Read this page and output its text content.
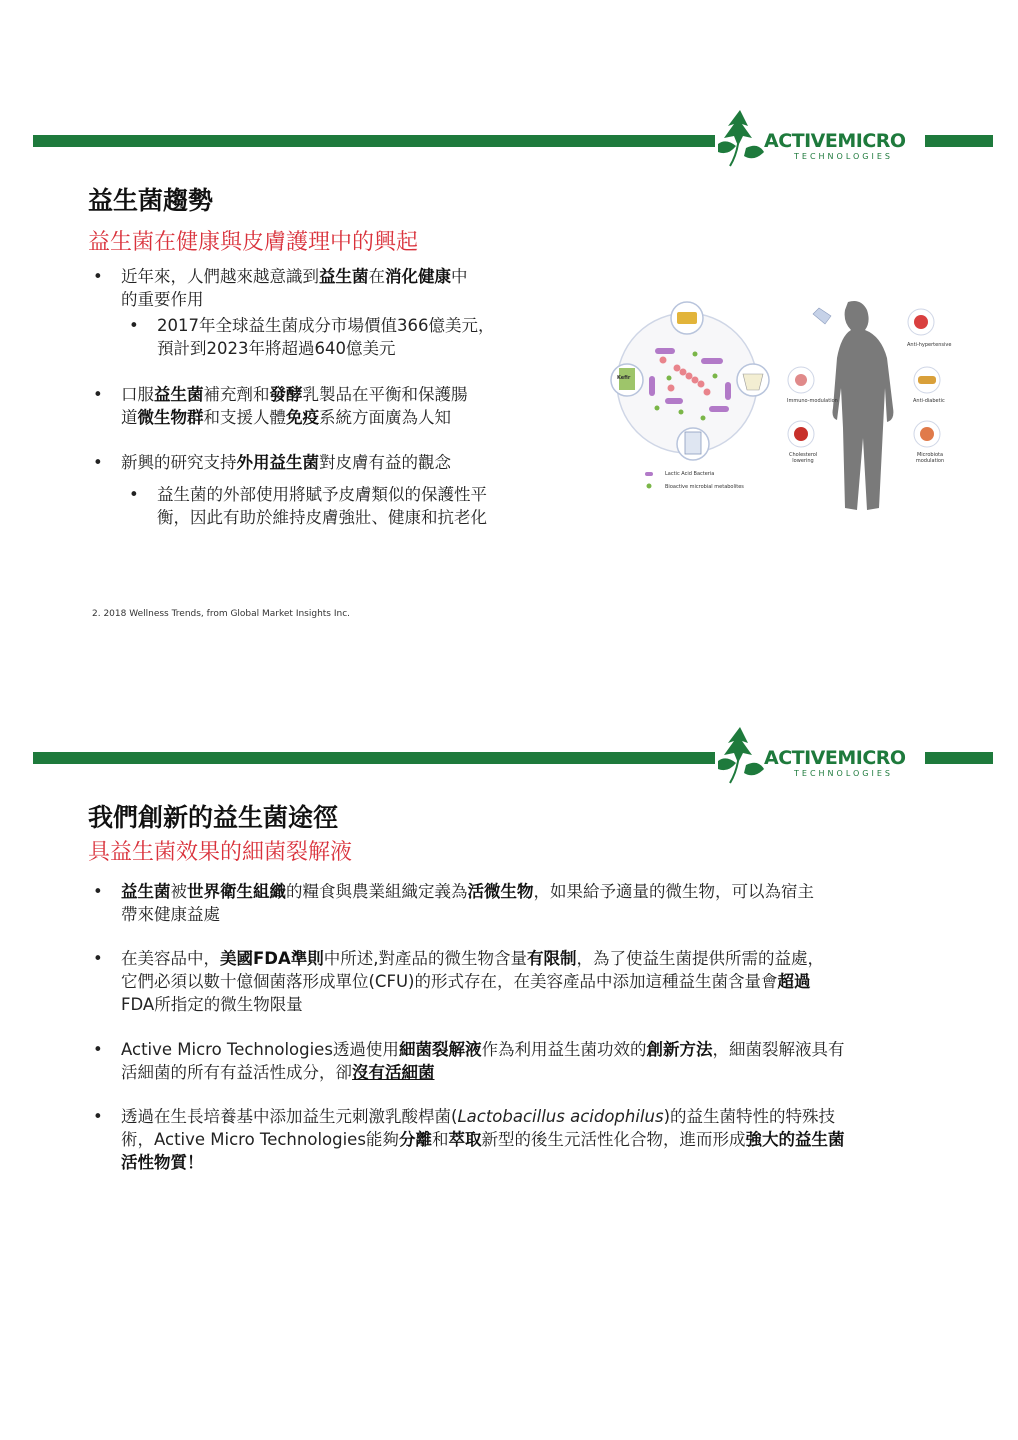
ACTIVEMICRO
TECHNOLOGIES
益生菌趨勢
益生菌在健康與皮膚護理中的興起
• 近年來，人們越來越意識到益生菌在消化健康中
的重要作用
• 2017年全球益生菌成分市場價值366億美元，
預計到2023年將超過640億美元
• 口服益生菌補充劑和發酵乳製品在平衡和保護腸
道微生物群和支援人體免疫系統方面廣為人知
• 新興的研究支持外用益生菌對皮膚有益的觀念
• 益生菌的外部使用將賦予皮膚類似的保護性平
衡，因此有助於維持皮膚強壯、健康和抗老化
Kefir
Lactic Acid Bacteria
Bioactive microbial metabolites
Anti-hypertensive
Immuno-modulation	Anti-diabetic
Cholesterol lowering
Microbiota modulation
2. 2018 Wellness Trends, from Global Market Insights Inc.
ACTIVEMICRO
TECHNOLOGIES
我們創新的益生菌途徑
具益生菌效果的細菌裂解液
• 益生菌被世界衛生組織的糧食與農業組織定義為活微生物，如果給予適量的微生物，可以為宿主
帶來健康益處
• 在美容品中，美國FDA準則中所述,對產品的微生物含量有限制，為了使益生菌提供所需的益處，
它們必須以數十億個菌落形成單位(CFU)的形式存在，在美容產品中添加這種益生菌含量會超過
FDA所指定的微生物限量
• Active Micro Technologies透過使用細菌裂解液作為利用益生菌功效的創新方法，細菌裂解液具有
活細菌的所有有益活性成分，卻沒有活細菌
• 透過在生長培養基中添加益生元刺激乳酸桿菌(Lactobacillus acidophilus)的益生菌特性的特殊技
術，Active Micro Technologies能夠分離和萃取新型的後生元活性化合物，進而形成強大的益生菌
活性物質！
